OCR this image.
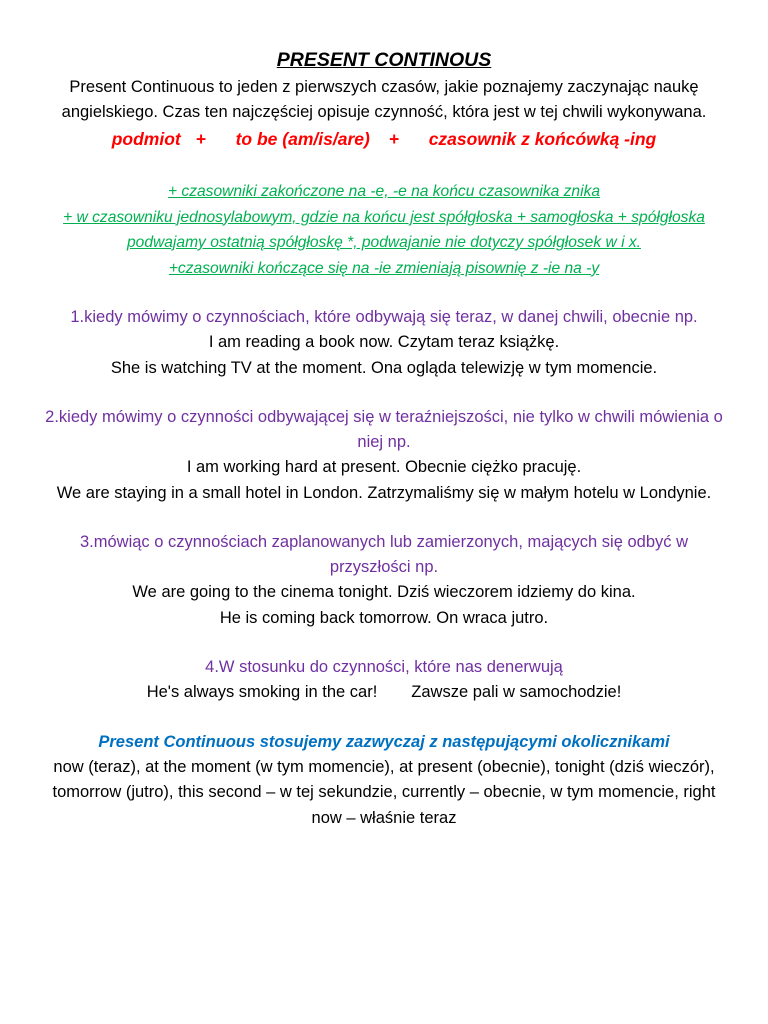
PRESENT CONTINOUS

Present Continuous to jeden z pierwszych czasów, jakie poznajemy zaczynając naukę angielskiego. Czas ten najczęściej opisuje czynność, która jest w tej chwili wykonywana.

podmiot + to be (am/is/are) + czasownik z końcówką -ing

+ czasowniki zakończone na -e, -e na końcu czasownika znika
+ w czasowniku jednosylabowym, gdzie na końcu jest spółgłoska + samogłoska + spółgłoska podwajamy ostatnią spółgłoskę *, podwajanie nie dotyczy spółgłosek w i x.
+czasowniki kończące się na -ie zmieniają pisownię z -ie na -y

1.kiedy mówimy o czynnościach, które odbywają się teraz, w danej chwili, obecnie np.

I am reading a book now. Czytam teraz książkę.

She is watching TV at the moment. Ona ogląda telewizję w tym momencie.

2.kiedy mówimy o czynności odbywającej się w teraźniejszości, nie tylko w chwili mówienia o niej np.

I am working hard at present. Obecnie ciężko pracuję.

We are staying in a small hotel in London. Zatrzymaliśmy się w małym hotelu w Londynie.

3.mówiąc o czynnościach zaplanowanych lub zamierzonych, mających się odbyć w przyszłości np.

We are going to the cinema tonight. Dziś wieczorem idziemy do kina.

He is coming back tomorrow. On wraca jutro.

4.W stosunku do czynności, które nas denerwują

He's always smoking in the car! Zawsze pali w samochodzie!

Present Continuous stosujemy zazwyczaj z następującymi okolicznikami

now (teraz), at the moment (w tym momencie), at present (obecnie), tonight (dziś wieczór), tomorrow (jutro), this second – w tej sekundzie, currently – obecnie, w tym momencie, right now – właśnie teraz
